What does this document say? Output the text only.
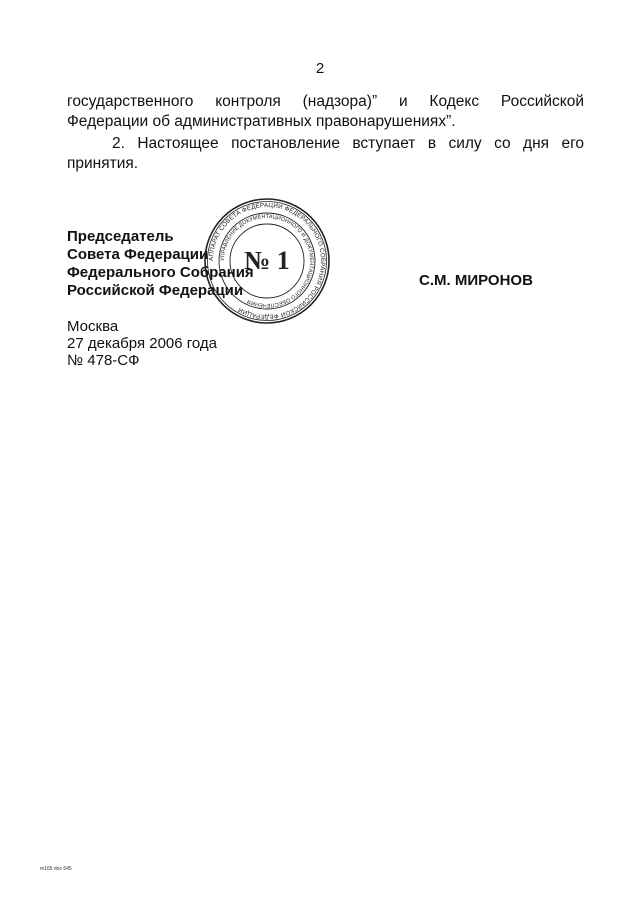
2
государственного контроля (надзора)” и Кодекс Российской
Федерации об административных правонарушениях”.
2. Настоящее постановление вступает в силу со дня его
принятия.
Председатель
Совета Федерации
Федерального Собрания
Российской Федерации
С.М. МИРОНОВ
АППАРАТ СОВЕТА ФЕДЕРАЦИИ ФЕДЕРАЛЬНОГО СОБРАНИЯ РОССИЙСКОЙ ФЕДЕРАЦИИ
УПРАВЛЕНИЕ ДОКУМЕНТАЦИОННОГО И ДОКУМЕНТАЦИОННОГО ОБЕСПЕЧЕНИЯ
№ 1
Москва
27 декабря 2006 года
№ 478-СФ
m165 doc 645
